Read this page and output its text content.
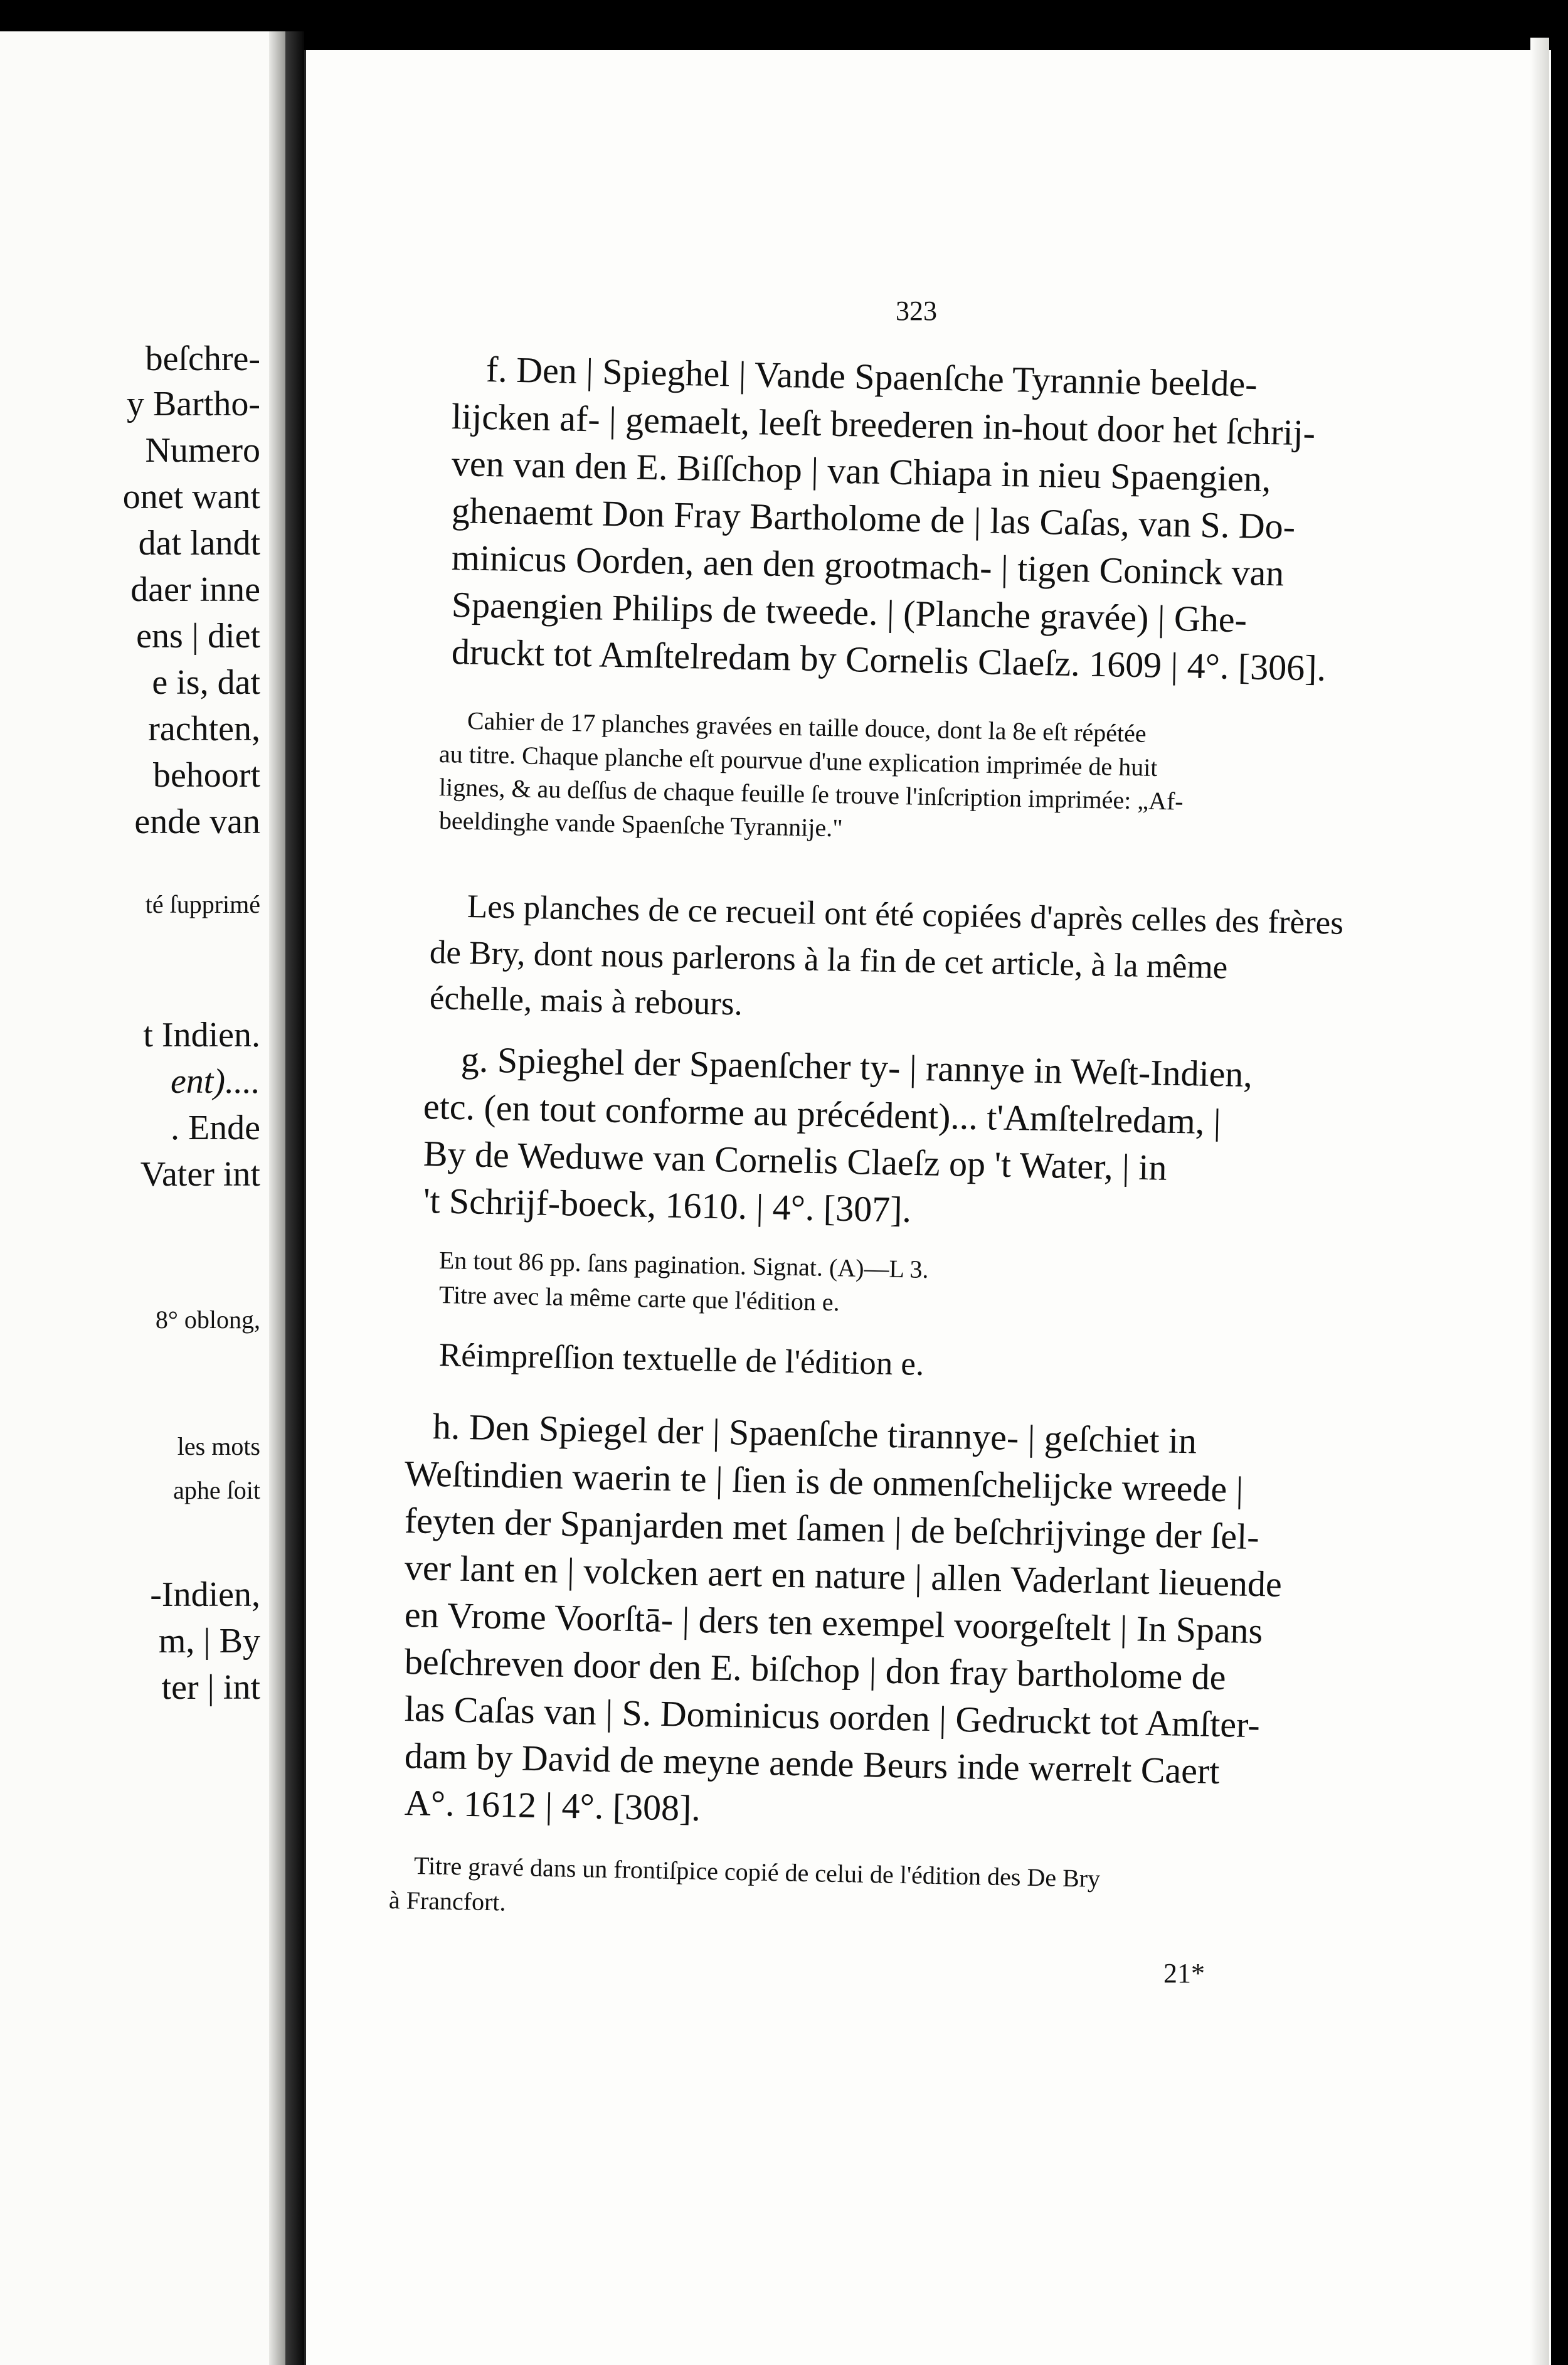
beſchre-
y Bartho-
Numero
onet want
dat landt
daer inne
ens | diet
e is, dat
rachten,
behoort
ende van
té ſupprimé
t Indien.
ent)....
. Ende
Vater int
8° oblong,
les mots
aphe ſoit
-Indien,
m, | By
ter | int
323
f. Den | Spieghel | Vande Spaenſche Tyrannie beelde-
lijcken af- | gemaelt, leeſt breederen in-hout door het ſchrij-
ven van den E. Biſſchop | van Chiapa in nieu Spaengien,
ghenaemt Don Fray Bartholome de | las Caſas, van S. Do-
minicus Oorden, aen den grootmach- | tigen Coninck van
Spaengien Philips de tweede. | (Planche gravée) | Ghe-
druckt tot Amſtelredam by Cornelis Claeſz. 1609 | 4°. [306].
Cahier de 17 planches gravées en taille douce, dont la 8e eſt répétée
au titre. Chaque planche eſt pourvue d'une explication imprimée de huit
lignes, & au deſſus de chaque feuille ſe trouve l'inſcription imprimée: „Af-
beeldinghe vande Spaenſche Tyrannije."
Les planches de ce recueil ont été copiées d'après celles des frères
de Bry, dont nous parlerons à la fin de cet article, à la même
échelle, mais à rebours.
g. Spieghel der Spaenſcher ty- | rannye in Weſt-Indien,
etc. (en tout conforme au précédent)... t'Amſtelredam, |
By de Weduwe van Cornelis Claeſz op 't Water, | in
't Schrijf-boeck, 1610. | 4°. [307].
En tout 86 pp. ſans pagination. Signat. (A)—L 3.
Titre avec la même carte que l'édition e.
Réimpreſſion textuelle de l'édition e.
h. Den Spiegel der | Spaenſche tirannye- | geſchiet in
Weſtindien waerin te | ſien is de onmenſchelijcke wreede |
feyten der Spanjarden met ſamen | de beſchrijvinge der ſel-
ver lant en | volcken aert en nature | allen Vaderlant lieuende
en Vrome Voorſtā- | ders ten exempel voorgeſtelt | In Spans
beſchreven door den E. biſchop | don fray bartholome de
las Caſas van | S. Dominicus oorden | Gedruckt tot Amſter-
dam by David de meyne aende Beurs inde werrelt Caert
A°. 1612 | 4°. [308].
Titre gravé dans un frontiſpice copié de celui de l'édition des De Bry
à Francfort.
21*
